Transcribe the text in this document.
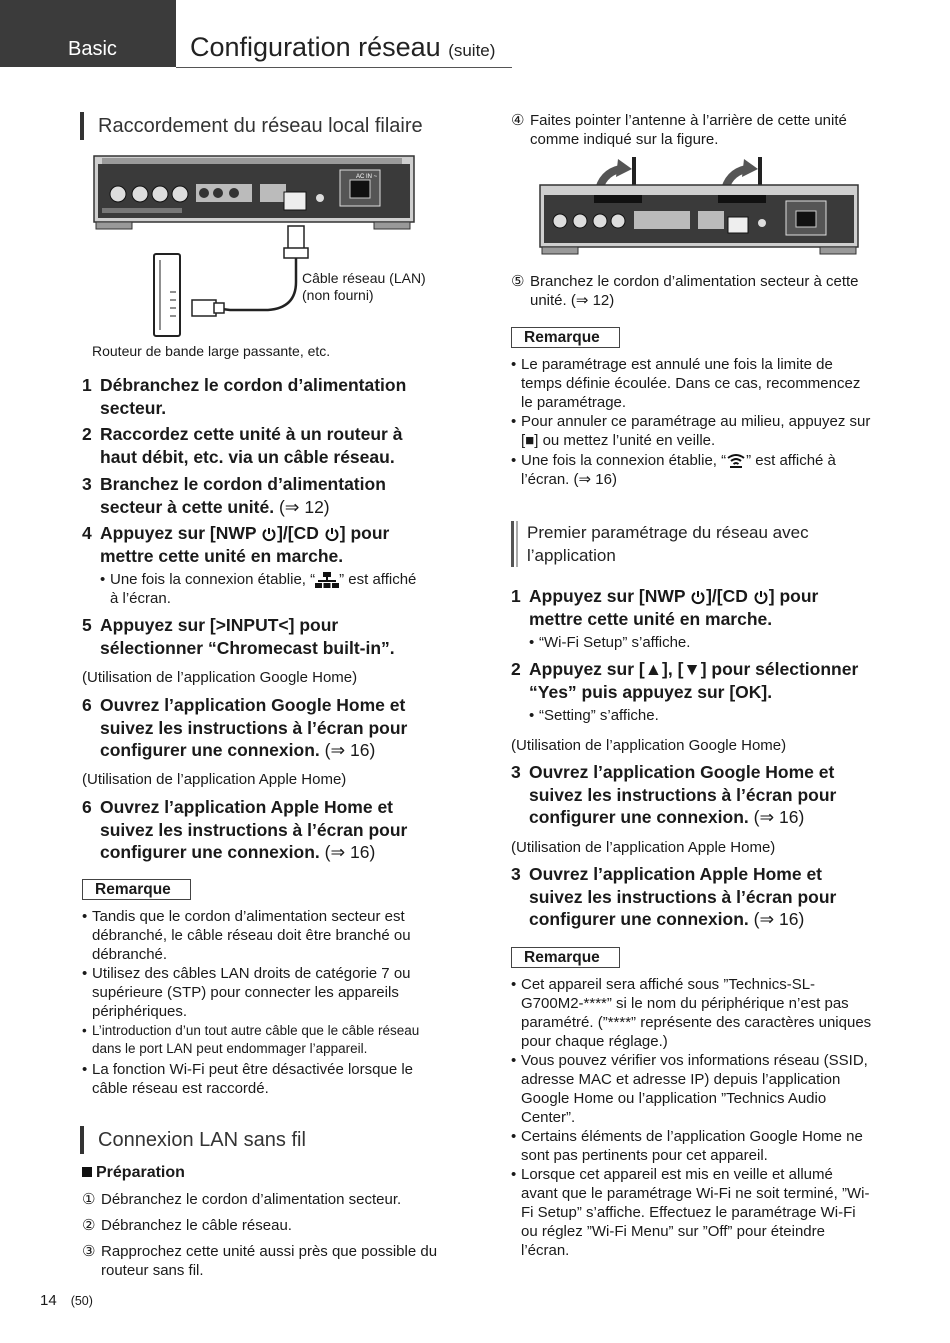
Basic	Configuration réseau (suite)
Raccordement du réseau local filaire
AC IN ~
Câble réseau (LAN)
(non fourni)
Routeur de bande large passante, etc.
1 Débranchez le cordon d’alimentation secteur.
2 Raccordez cette unité à un routeur à haut débit, etc. via un câble réseau.
3 Branchez le cordon d’alimentation secteur à cette unité. (⇒ 12)
4 Appuyez sur [NWP ]/[CD ] pour mettre cette unité en marche.
• Une fois la connexion établie, “ ” est affiché à l’écran.
5 Appuyez sur [>INPUT<] pour sélectionner “Chromecast built-in”.
(Utilisation de l’application Google Home)
6 Ouvrez l’application Google Home et suivez les instructions à l’écran pour configurer une connexion. (⇒ 16)
(Utilisation de l’application Apple Home)
6 Ouvrez l’application Apple Home et suivez les instructions à l’écran pour configurer une connexion. (⇒ 16)
Remarque
• Tandis que le cordon d’alimentation secteur est débranché, le câble réseau doit être branché ou débranché.
• Utilisez des câbles LAN droits de catégorie 7 ou supérieure (STP) pour connecter les appareils périphériques.
• L’introduction d’un tout autre câble que le câble réseau dans le port LAN peut endommager l’appareil.
• La fonction Wi-Fi peut être désactivée lorsque le câble réseau est raccordé.
Connexion LAN sans fil
Préparation
① Débranchez le cordon d’alimentation secteur.
② Débranchez le câble réseau.
③ Rapprochez cette unité aussi près que possible du routeur sans fil.
14 (50)
④ Faites pointer l’antenne à l’arrière de cette unité comme indiqué sur la figure.
⑤ Branchez le cordon d’alimentation secteur à cette unité. (⇒ 12)
Remarque
• Le paramétrage est annulé une fois la limite de temps définie écoulée. Dans ce cas, recommencez le paramétrage.
• Pour annuler ce paramétrage au milieu, appuyez sur [■] ou mettez l’unité en veille.
• Une fois la connexion établie, “ ” est affiché à l’écran. (⇒ 16)
Premier paramétrage du réseau avec l’application
1 Appuyez sur [NWP ]/[CD ] pour mettre cette unité en marche.
• “Wi-Fi Setup” s’affiche.
2 Appuyez sur [▲], [▼] pour sélectionner “Yes” puis appuyez sur [OK].
• “Setting” s’affiche.
(Utilisation de l’application Google Home)
3 Ouvrez l’application Google Home et suivez les instructions à l’écran pour configurer une connexion. (⇒ 16)
(Utilisation de l’application Apple Home)
3 Ouvrez l’application Apple Home et suivez les instructions à l’écran pour configurer une connexion. (⇒ 16)
Remarque
• Cet appareil sera affiché sous ”Technics-SL-G700M2-****” si le nom du périphérique n’est pas paramétré. (”****” représente des caractères uniques pour chaque réglage.)
• Vous pouvez vérifier vos informations réseau (SSID, adresse MAC et adresse IP) depuis l’application Google Home ou l’application ”Technics Audio Center”.
• Certains éléments de l’application Google Home ne sont pas pertinents pour cet appareil.
• Lorsque cet appareil est mis en veille et allumé avant que le paramétrage Wi-Fi ne soit terminé, ”Wi-Fi Setup” s’affiche. Effectuez le paramétrage Wi-Fi ou réglez ”Wi-Fi Menu” sur ”Off” pour éteindre l’écran.
